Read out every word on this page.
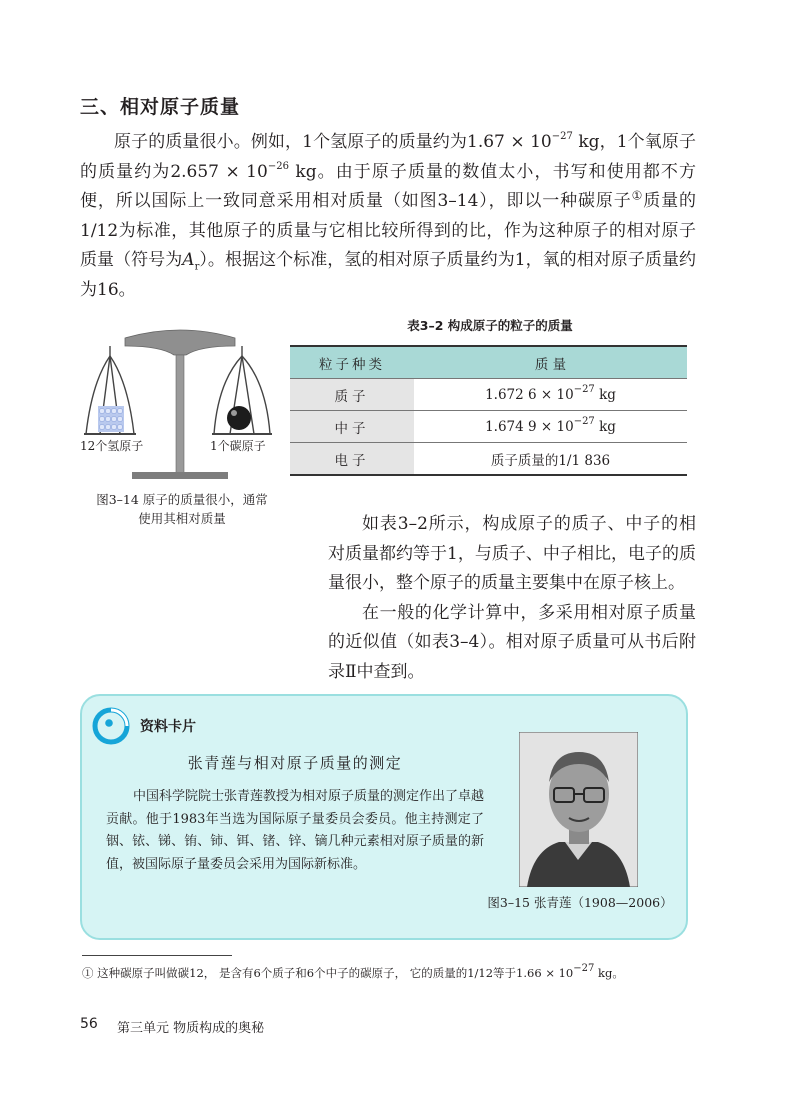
三、相对原子质量

原子的质量很小。例如，1个氢原子的质量约为$1.67 \times 10^{-27}$ kg，1个氧原子的质量约为$2.657 \times 10^{-26}$ kg。由于原子质量的数值太小，书写和使用都不方便，所以国际上一致同意采用相对质量（如图3–14），即以一种碳原子①质量的1/12为标准，其他原子的质量与它相比较所得到的比，作为这种原子的相对原子质量（符号为$A_r$）。根据这个标准，氢的相对原子质量约为1，氧的相对原子质量约为16。

12个氢原子	1个碳原子
图3–14 原子的质量很小，通常
使用其相对质量
表3–2 构成原子的粒子的质量
粒子种类	质 量
质子	1.672 $6 \times 10^{-27}$ kg
中子	1.674 $9 \times 10^{-27}$ kg
电子	质子质量的1/1 836

如表3–2所示，构成原子的质子、中子的相对质量都约等于1，与质子、中子相比，电子的质量很小，整个原子的质量主要集中在原子核上。

在一般的化学计算中，多采用相对原子质量的近似值（如表3–4）。相对原子质量可从书后附录Ⅱ中查到。

资料卡片
张青莲与相对原子质量的测定

中国科学院院士张青莲教授为相对原子质量的测定作出了卓越贡献。他于1983年当选为国际原子量委员会委员。他主持测定了铟、铱、锑、铕、铈、铒、锗、锌、镝几种元素相对原子质量的新值，被国际原子量委员会采用为国际新标准。

图3–15 张青莲（1908—2006）
① 这种碳原子叫做碳12， 是含有6个质子和6个中子的碳原子， 它的质量的1/12等于$1.66 \times 10^{-27}$ kg。
56 第三单元 物质构成的奥秘
